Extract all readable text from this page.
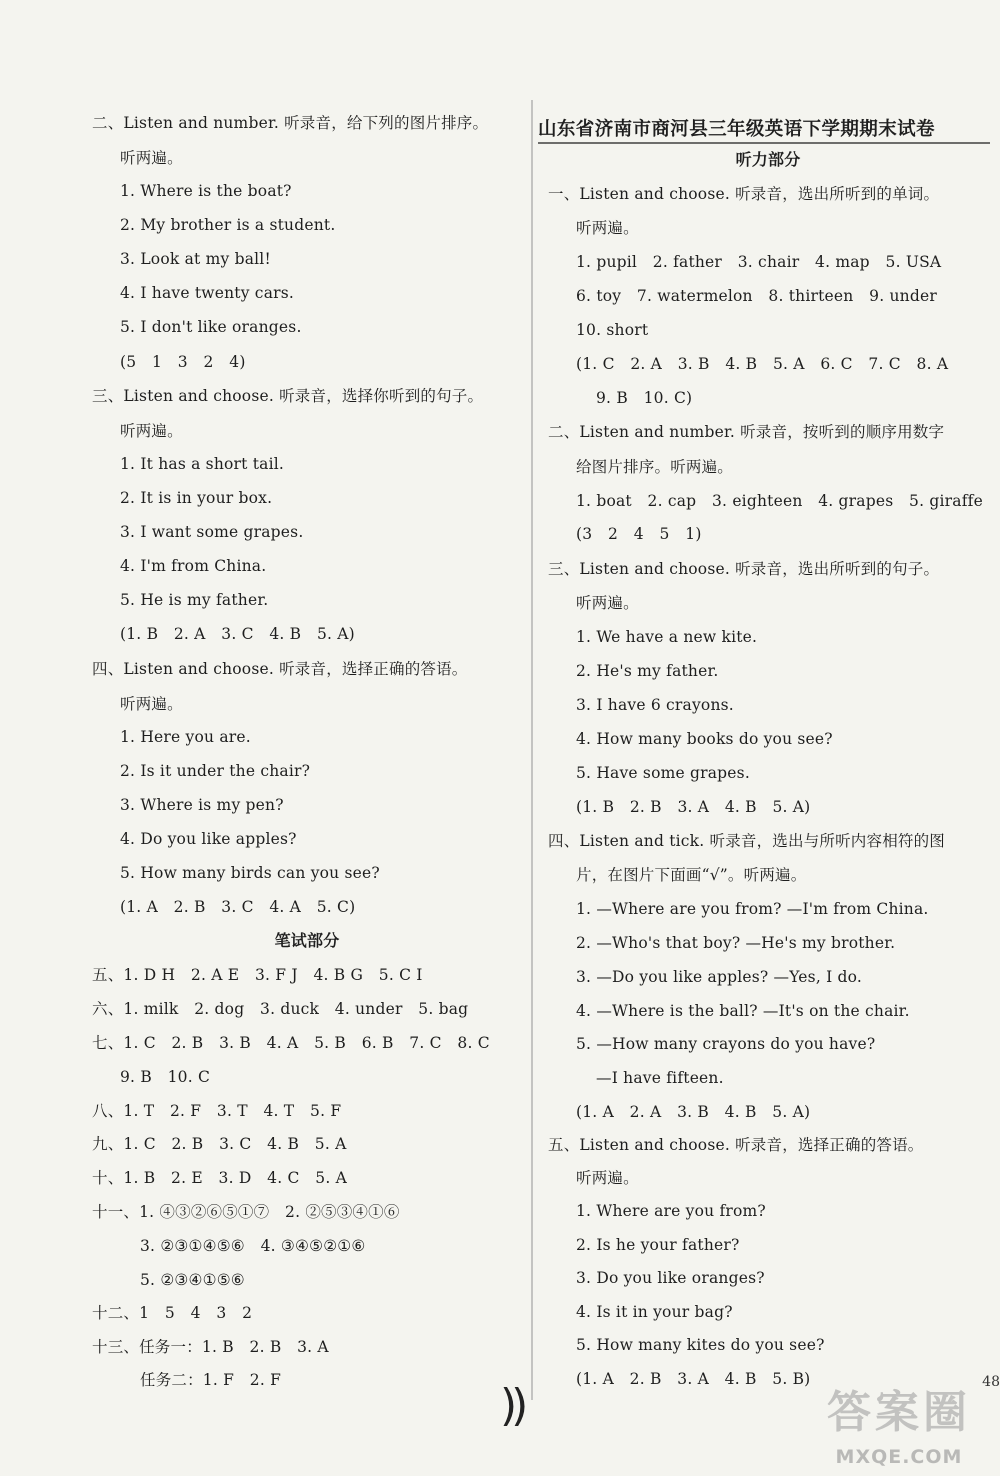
二、Listen and number. 听录音，给下列的图片排序。
听两遍。
1. Where is the boat?
2. My brother is a student.
3. Look at my ball!
4. I have twenty cars.
5. I don't like oranges.
(5　1　3　2　4)
三、Listen and choose. 听录音，选择你听到的句子。
听两遍。
1. It has a short tail.
2. It is in your box.
3. I want some grapes.
4. I'm from China.
5. He is my father.
(1. B　2. A　3. C　4. B　5. A)
四、Listen and choose. 听录音，选择正确的答语。
听两遍。
1. Here you are.
2. Is it under the chair?
3. Where is my pen?
4. Do you like apples?
5. How many birds can you see?
(1. A　2. B　3. C　4. A　5. C)
笔试部分
五、1. D H　2. A E　3. F J　4. B G　5. C I
六、1. milk　2. dog　3. duck　4. under　5. bag
七、1. C　2. B　3. B　4. A　5. B　6. B　7. C　8. C
9. B　10. C
八、1. T　2. F　3. T　4. T　5. F
九、1. C　2. B　3. C　4. B　5. A
十、1. B　2. E　3. D　4. C　5. A
十一、1. ④③②⑥⑤①⑦　2. ②⑤③④①⑥
3. ②③①④⑤⑥　4. ③④⑤②①⑥
5. ②③④①⑤⑥
十二、1　5　4　3　2
十三、任务一：1. B　2. B　3. A
任务二：1. F　2. F
山东省济南市商河县三年级英语下学期期末试卷
听力部分
一、Listen and choose. 听录音，选出所听到的单词。
听两遍。
1. pupil　2. father　3. chair　4. map　5. USA
6. toy　7. watermelon　8. thirteen　9. under
10. short
(1. C　2. A　3. B　4. B　5. A　6. C　7. C　8. A
9. B　10. C)
二、Listen and number. 听录音，按听到的顺序用数字
给图片排序。听两遍。
1. boat　2. cap　3. eighteen　4. grapes　5. giraffe
(3　2　4　5　1)
三、Listen and choose. 听录音，选出所听到的句子。
听两遍。
1. We have a new kite.
2. He's my father.
3. I have 6 crayons.
4. How many books do you see?
5. Have some grapes.
(1. B　2. B　3. A　4. B　5. A)
四、Listen and tick. 听录音，选出与所听内容相符的图
片，在图片下面画“√”。听两遍。
1. —Where are you from? —I'm from China.
2. —Who's that boy? —He's my brother.
3. —Do you like apples? —Yes, I do.
4. —Where is the ball? —It's on the chair.
5. —How many crayons do you have?
—I have fifteen.
(1. A　2. A　3. B　4. B　5. A)
五、Listen and choose. 听录音，选择正确的答语。
听两遍。
1. Where are you from?
2. Is he your father?
3. Do you like oranges?
4. Is it in your bag?
5. How many kites do you see?
(1. A　2. B　3. A　4. B　5. B)
))	48
答案圈
MXQE.COM
